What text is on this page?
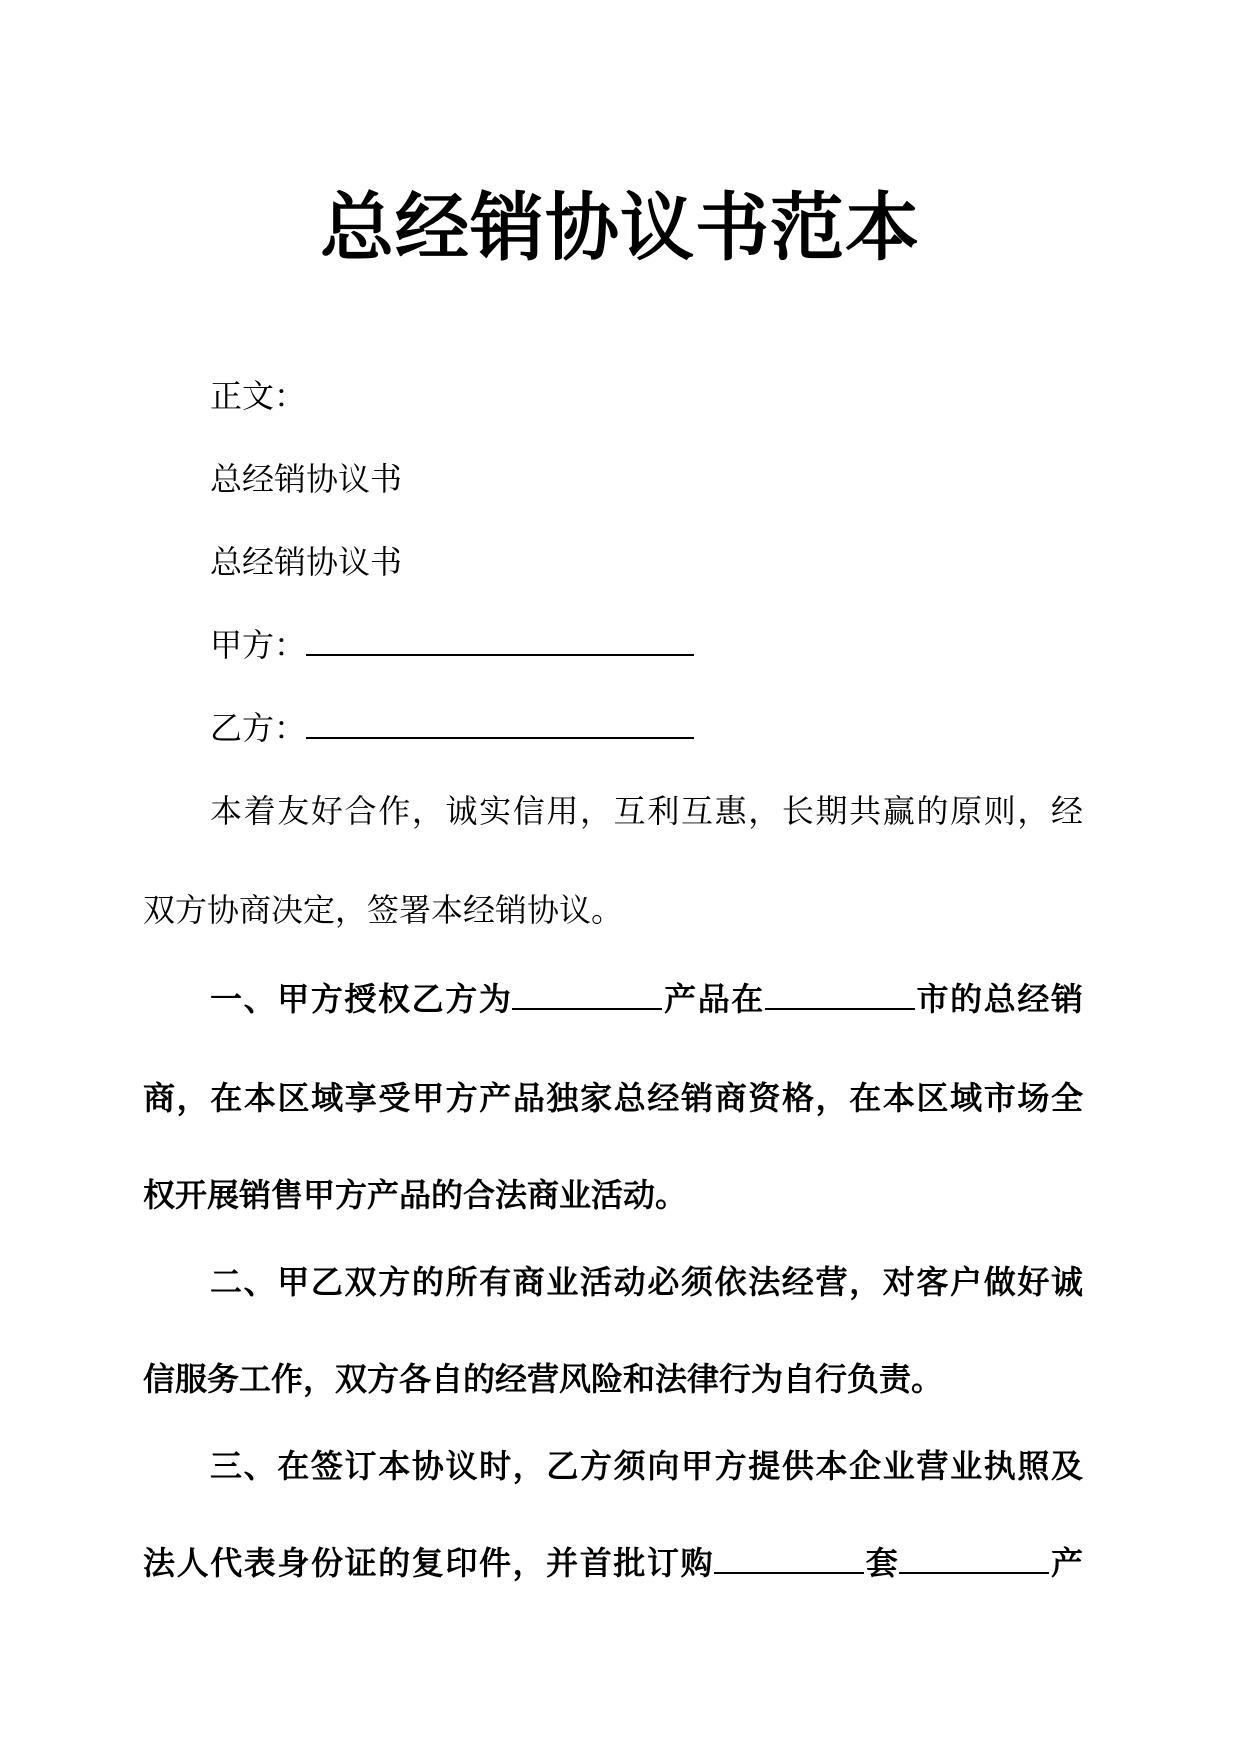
总经销协议书范本

正文：

总经销协议书

总经销协议书

甲方：

乙方：

本着友好合作，诚实信用，互利互惠，长期共赢的原则，经

双方协商决定，签署本经销协议。

一、甲方授权乙方为	产品在	市的总经销

商，在本区域享受甲方产品独家总经销商资格，在本区域市场全

权开展销售甲方产品的合法商业活动。

二、甲乙双方的所有商业活动必须依法经营，对客户做好诚

信服务工作，双方各自的经营风险和法律行为自行负责。

三、在签订本协议时，乙方须向甲方提供本企业营业执照及

法人代表身份证的复印件，并首批订购	套	产
